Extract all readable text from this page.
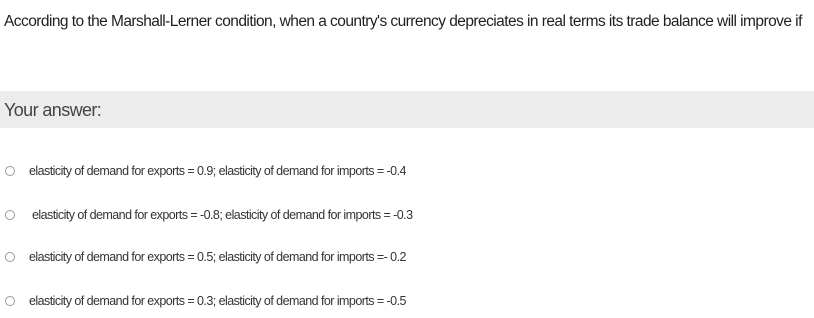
According to the Marshall-Lerner condition, when a country's currency depreciates in real terms its trade balance will improve if
Your answer:
elasticity of demand for exports = 0.9; elasticity of demand for imports = -0.4
elasticity of demand for exports = -0.8; elasticity of demand for imports = -0.3
elasticity of demand for exports = 0.5; elasticity of demand for imports =- 0.2
elasticity of demand for exports = 0.3; elasticity of demand for imports = -0.5
